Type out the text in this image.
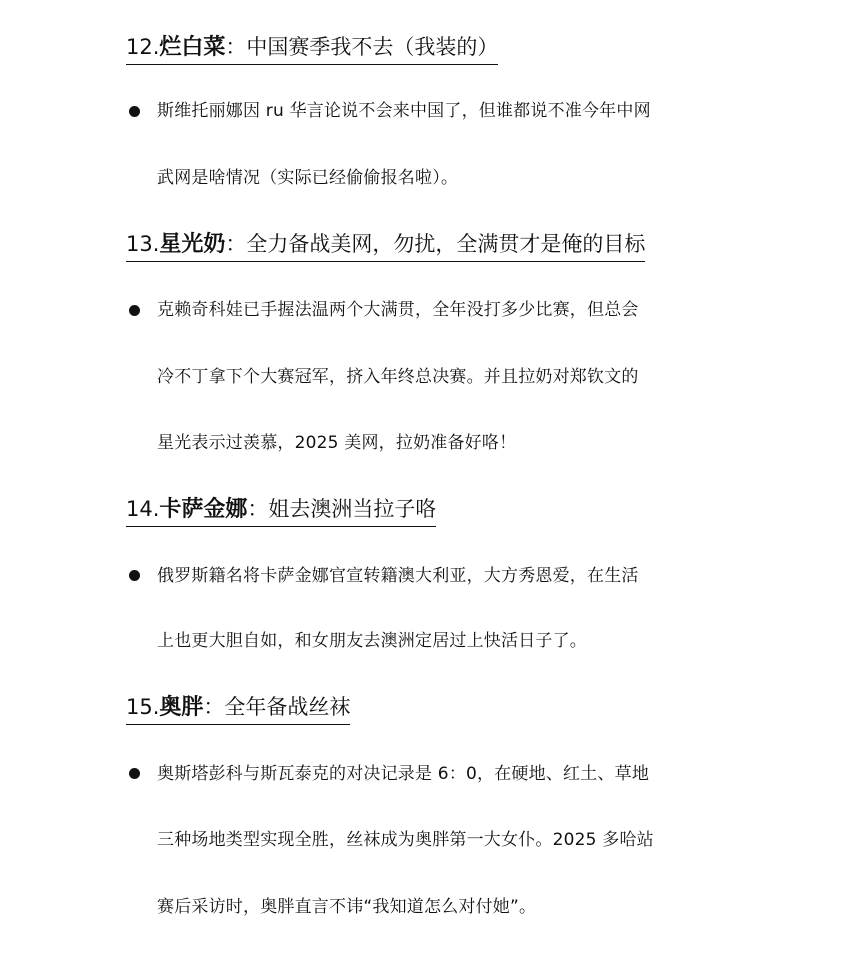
12.烂白菜：中国赛季我不去（我装的）
斯维托丽娜因 ru 华言论说不会来中国了，但谁都说不准今年中网
武网是啥情况（实际已经偷偷报名啦）。
13.星光奶：全力备战美网，勿扰，全满贯才是俺的目标
克赖奇科娃已手握法温两个大满贯，全年没打多少比赛，但总会
冷不丁拿下个大赛冠军，挤入年终总决赛。并且拉奶对郑钦文的
星光表示过羡慕，2025 美网，拉奶准备好咯！
14.卡萨金娜：姐去澳洲当拉子咯
俄罗斯籍名将卡萨金娜官宣转籍澳大利亚，大方秀恩爱，在生活
上也更大胆自如，和女朋友去澳洲定居过上快活日子了。
15.奥胖：全年备战丝袜
奥斯塔彭科与斯瓦泰克的对决记录是 6：0，在硬地、红土、草地
三种场地类型实现全胜，丝袜成为奥胖第一大女仆。2025 多哈站
赛后采访时，奥胖直言不讳“我知道怎么对付她”。
